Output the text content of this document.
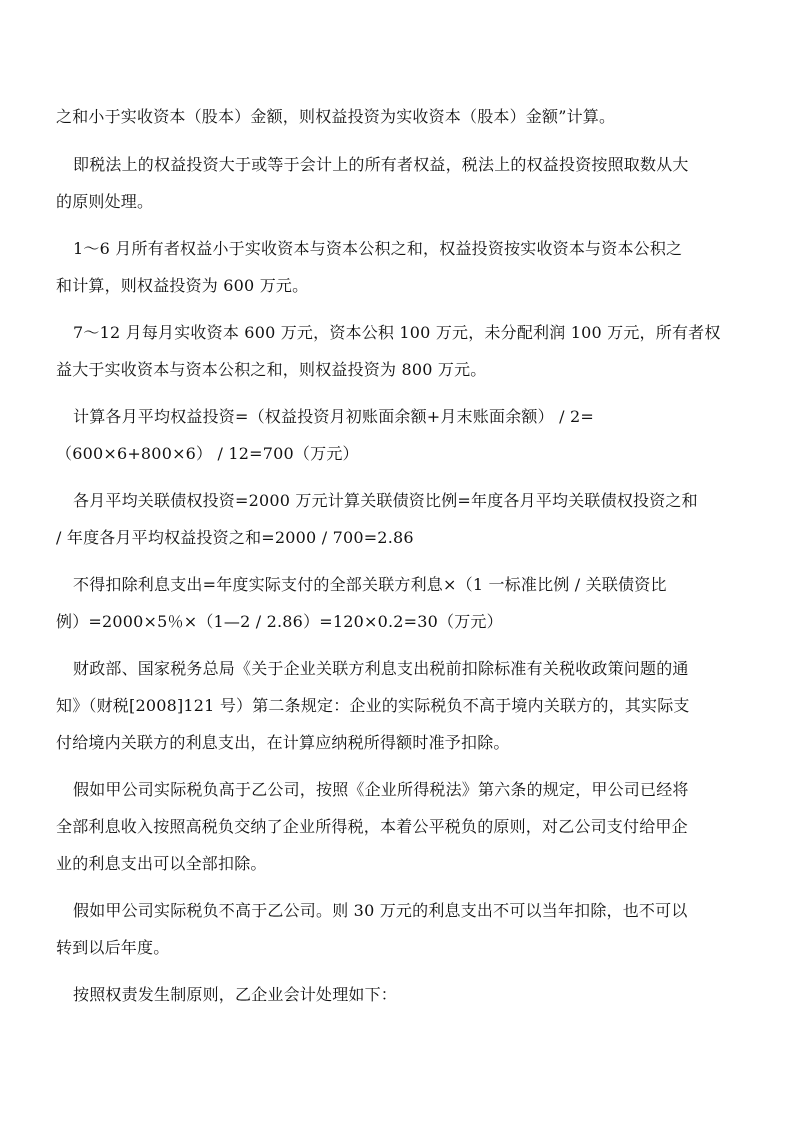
之和小于实收资本（股本）金额，则权益投资为实收资本（股本）金额”计算。
即税法上的权益投资大于或等于会计上的所有者权益，税法上的权益投资按照取数从大
的原则处理。
1～6 月所有者权益小于实收资本与资本公积之和，权益投资按实收资本与资本公积之
和计算，则权益投资为 600 万元。
7～12 月每月实收资本 600 万元，资本公积 100 万元，未分配利润 100 万元，所有者权
益大于实收资本与资本公积之和，则权益投资为 800 万元。
计算各月平均权益投资=（权益投资月初账面余额+月末账面余额） / 2=
（600×6+800×6） / 12=700（万元）
各月平均关联债权投资=2000 万元计算关联债资比例=年度各月平均关联债权投资之和
/ 年度各月平均权益投资之和=2000 / 700=2.86
不得扣除利息支出=年度实际支付的全部关联方利息×（1 一标准比例 / 关联债资比
例）=2000×5％×（1—2 / 2.86）=120×0.2=30（万元）
财政部、国家税务总局《关于企业关联方利息支出税前扣除标准有关税收政策问题的通
知》（财税[2008]121 号）第二条规定：企业的实际税负不高于境内关联方的，其实际支
付给境内关联方的利息支出，在计算应纳税所得额时准予扣除。
假如甲公司实际税负高于乙公司，按照《企业所得税法》第六条的规定，甲公司已经将
全部利息收入按照高税负交纳了企业所得税，本着公平税负的原则，对乙公司支付给甲企
业的利息支出可以全部扣除。
假如甲公司实际税负不高于乙公司。则 30 万元的利息支出不可以当年扣除，也不可以
转到以后年度。
按照权责发生制原则，乙企业会计处理如下：
